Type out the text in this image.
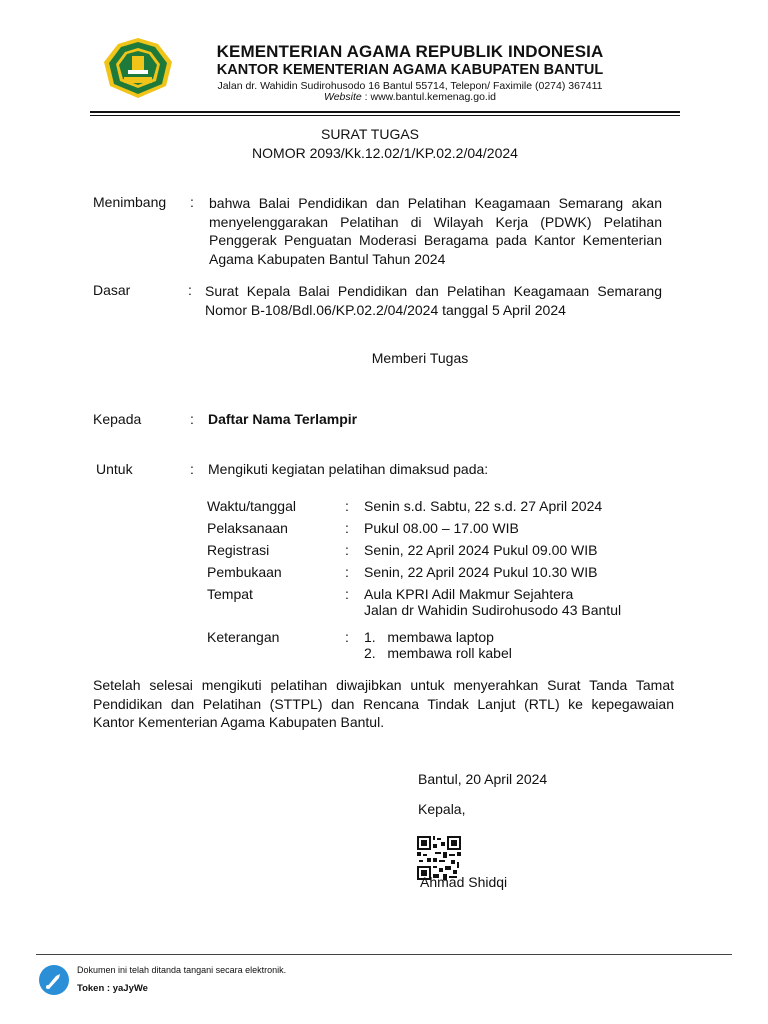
KEMENTERIAN AGAMA REPUBLIK INDONESIA
KANTOR KEMENTERIAN AGAMA KABUPATEN BANTUL
Jalan dr. Wahidin Sudirohusodo 16 Bantul 55714, Telepon/ Faximile (0274) 367411
Website : www.bantul.kemenag.go.id
SURAT TUGAS
NOMOR 2093/Kk.12.02/1/KP.02.2/04/2024
Menimbang : bahwa Balai Pendidikan dan Pelatihan Keagamaan Semarang akan
menyelenggarakan Pelatihan di Wilayah Kerja (PDWK) Pelatihan
Penggerak Penguatan Moderasi Beragama pada Kantor Kementerian
Agama Kabupaten Bantul Tahun 2024
Dasar	: Surat Kepala Balai Pendidikan dan Pelatihan Keagamaan Semarang
Nomor B-108/Bdl.06/KP.02.2/04/2024 tanggal 5 April 2024
Memberi Tugas
Kepada	: Daftar Nama Terlampir
Untuk	: Mengikuti kegiatan pelatihan dimaksud pada:
Waktu/tanggal	: Senin s.d. Sabtu, 22 s.d. 27 April 2024
Pelaksanaan	: Pukul 08.00 – 17.00 WIB
Registrasi	: Senin, 22 April 2024 Pukul 09.00 WIB
Pembukaan	: Senin, 22 April 2024 Pukul 10.30 WIB
Tempat	: Aula KPRI Adil Makmur Sejahtera
Jalan dr Wahidin Sudirohusodo 43 Bantul
Keterangan	: 1.   membawa laptop
2.   membawa roll kabel
Setelah selesai mengikuti pelatihan diwajibkan untuk menyerahkan Surat Tanda Tamat
Pendidikan dan Pelatihan (STTPL) dan Rencana Tindak Lanjut (RTL) ke kepegawaian
Kantor Kementerian Agama Kabupaten Bantul.
Bantul, 20 April 2024
Kepala,
Ahmad Shidqi
Dokumen ini telah ditanda tangani secara elektronik.
Token : yaJyWe
